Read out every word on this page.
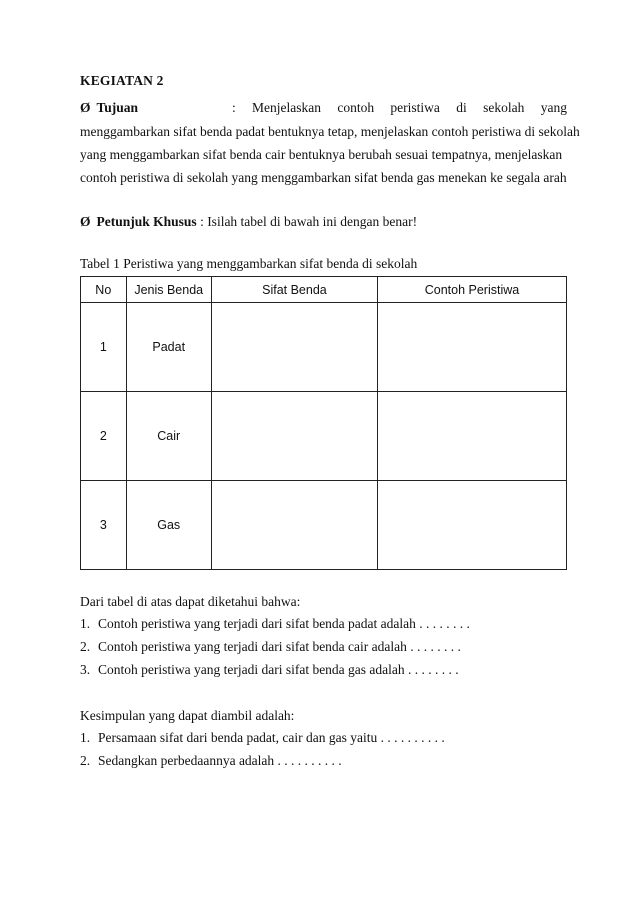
KEGIATAN 2
Ø Tujuan	: Menjelaskan contoh peristiwa di sekolah yang
menggambarkan sifat benda padat bentuknya tetap, menjelaskan contoh peristiwa di sekolah
yang menggambarkan sifat benda cair bentuknya berubah sesuai tempatnya, menjelaskan
contoh peristiwa di sekolah yang menggambarkan sifat benda gas menekan ke segala arah
Ø Petunjuk Khusus : Isilah tabel di bawah ini dengan benar!
Tabel 1 Peristiwa yang menggambarkan sifat benda di sekolah
No	Jenis Benda	Sifat Benda	Contoh Peristiwa
1	Padat		
2	Cair		
3	Gas		
Dari tabel di atas dapat diketahui bahwa:
1. Contoh peristiwa yang terjadi dari sifat benda padat adalah . . . . . . . .
2. Contoh peristiwa yang terjadi dari sifat benda cair adalah . . . . . . . .
3. Contoh peristiwa yang terjadi dari sifat benda gas adalah . . . . . . . .
Kesimpulan yang dapat diambil adalah:
1. Persamaan sifat dari benda padat, cair dan gas yaitu . . . . . . . . . .
2. Sedangkan perbedaannya adalah . . . . . . . . . .
